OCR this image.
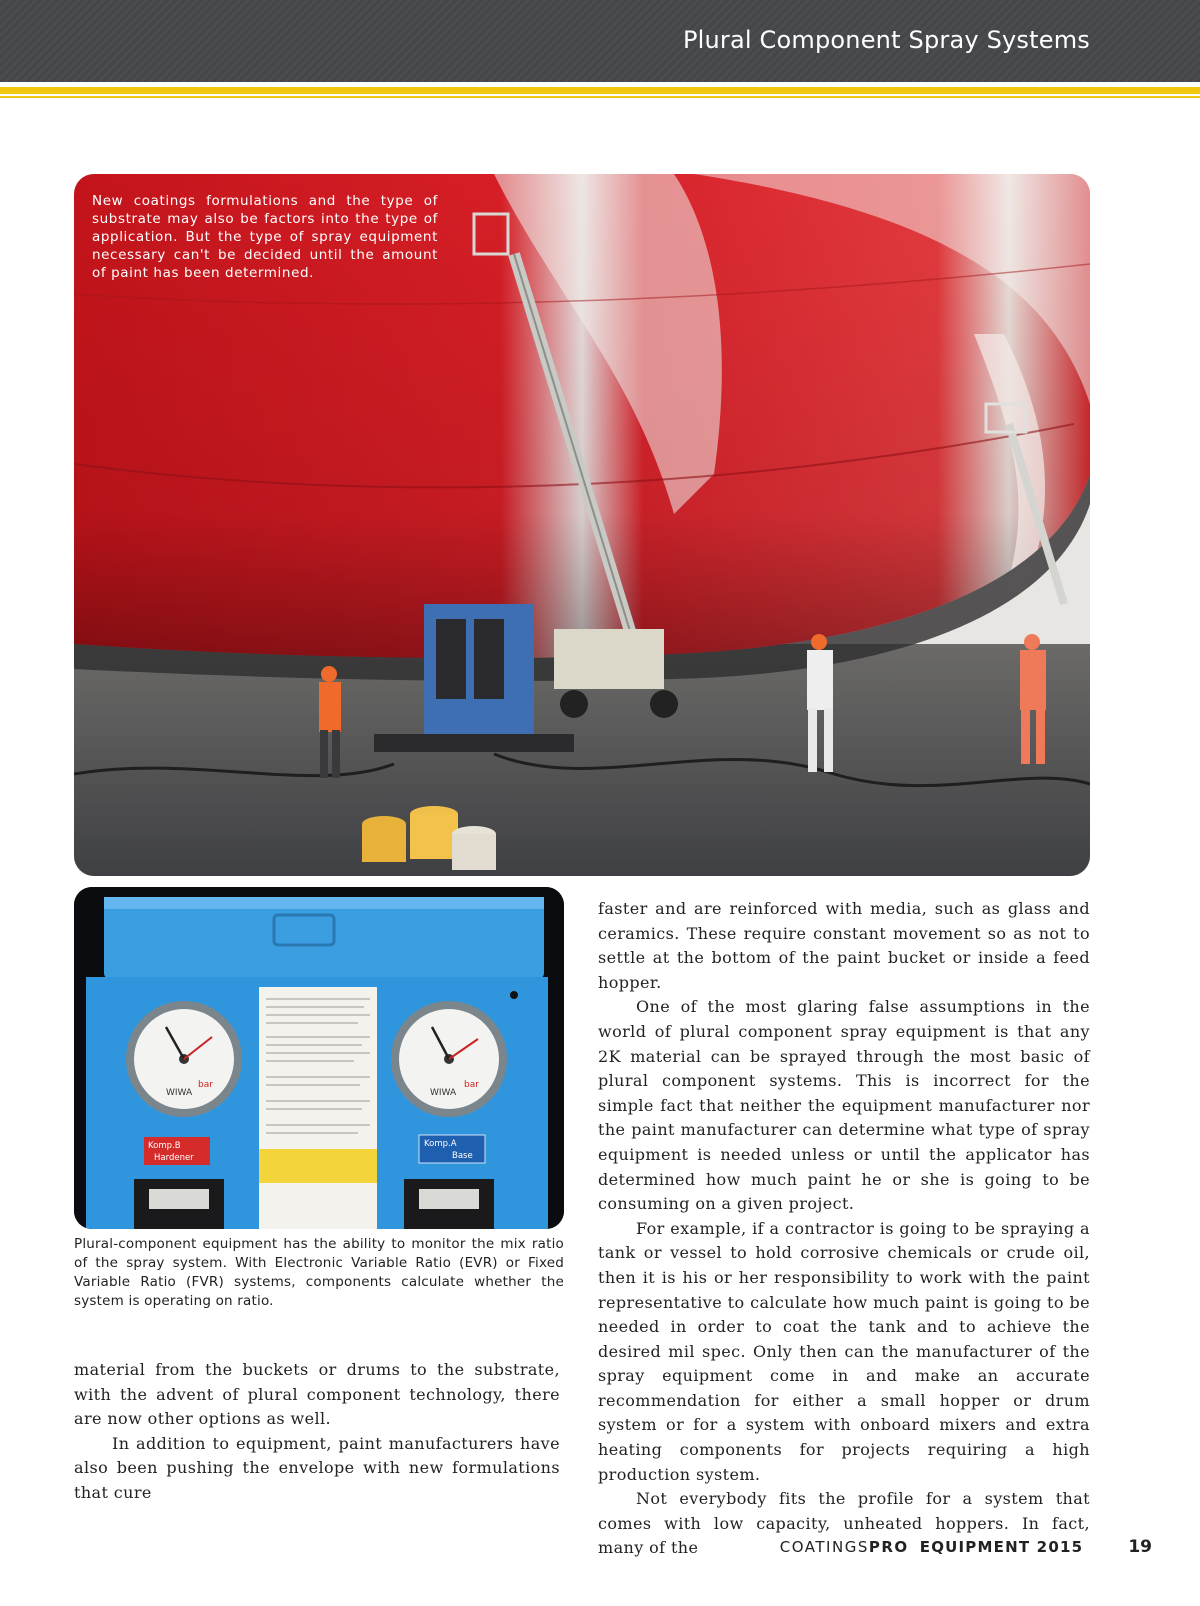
Plural Component Spray Systems
New coatings formulations and the type of substrate may also be factors into the type of application. But the type of spray equipment necessary can't be decided until the amount of paint has been determined.
WIWA
bar
WIWA
bar
Komp.B
Hardener
Komp.A
Base
Plural-component equipment has the ability to monitor the mix ratio of the spray system. With Electronic Variable Ratio (EVR) or Fixed Variable Ratio (FVR) systems, components calculate whether the system is operating on ratio.

material from the buckets or drums to the substrate, with the advent of plural component technology, there are now other options as well.

In addition to equipment, paint manufacturers have also been pushing the envelope with new formulations that cure

faster and are reinforced with media, such as glass and ceramics. These require constant movement so as not to settle at the bottom of the paint bucket or inside a feed hopper.

One of the most glaring false assumptions in the world of plural component spray equipment is that any 2K material can be sprayed through the most basic of plural component systems. This is incorrect for the simple fact that neither the equipment manufacturer nor the paint manufacturer can determine what type of spray equipment is needed unless or until the applicator has determined how much paint he or she is going to be consuming on a given project.

For example, if a contractor is going to be spraying a tank or vessel to hold corrosive chemicals or crude oil, then it is his or her responsibility to work with the paint representative to calculate how much paint is going to be needed in order to coat the tank and to achieve the desired mil spec. Only then can the manufacturer of the spray equipment come in and make an accurate recommendation for either a small hopper or drum system or for a system with onboard mixers and extra heating components for projects requiring a high production system.

Not everybody fits the profile for a system that comes with low capacity, unheated hoppers. In fact, many of the	COATINGSPRO EQUIPMENT 2015	19
